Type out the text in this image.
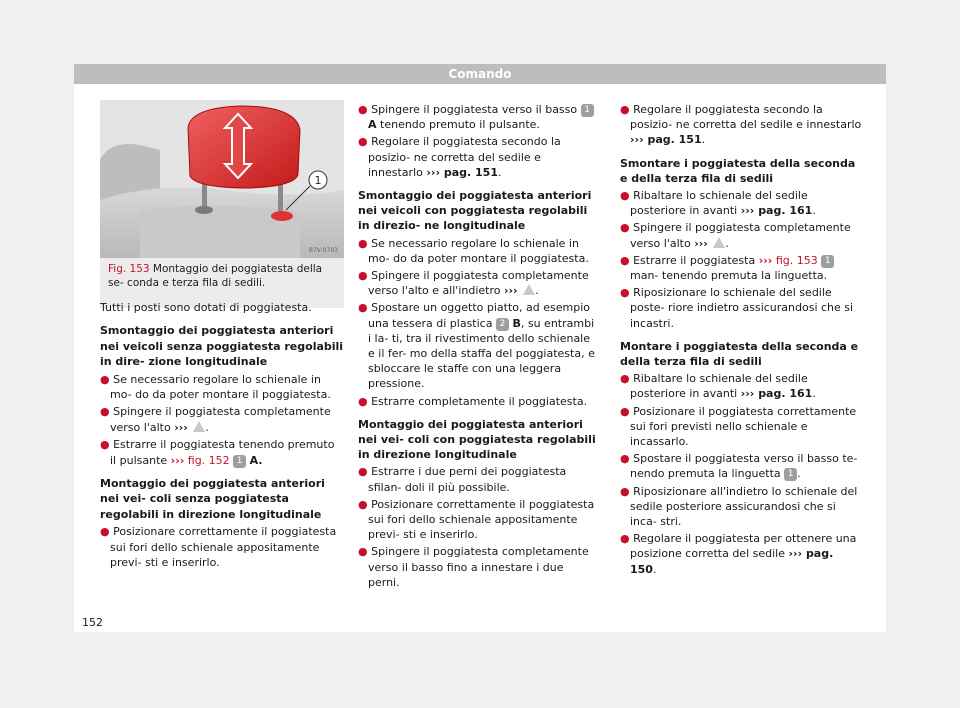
Comando
1
B7V-0703
Fig. 153 Montaggio dei poggiatesta della se- conda e terza fila di sedili.

Tutti i posti sono dotati di poggiatesta.

Smontaggio dei poggiatesta anteriori nei veicoli senza poggiatesta regolabili in dire- zione longitudinale
● Se necessario regolare lo schienale in mo- do da poter montare il poggiatesta.
● Spingere il poggiatesta completamente verso l'alto ››› .
● Estrarre il poggiatesta tenendo premuto il pulsante ››› fig. 152 1 A.
Montaggio dei poggiatesta anteriori nei vei- coli senza poggiatesta regolabili in direzione longitudinale
● Posizionare correttamente il poggiatesta sui fori dello schienale appositamente previ- sti e inserirlo.
● Spingere il poggiatesta verso il basso 1 A tenendo premuto il pulsante.
● Regolare il poggiatesta secondo la posizio- ne corretta del sedile e innestarlo ››› pag. 151.
Smontaggio dei poggiatesta anteriori nei veicoli con poggiatesta regolabili in direzio- ne longitudinale
● Se necessario regolare lo schienale in mo- do da poter montare il poggiatesta.
● Spingere il poggiatesta completamente verso l'alto e all'indietro ››› .
● Spostare un oggetto piatto, ad esempio una tessera di plastica 2 B, su entrambi i la- ti, tra il rivestimento dello schienale e il fer- mo della staffa del poggiatesta, e sbloccare le staffe con una leggera pressione.
● Estrarre completamente il poggiatesta.
Montaggio dei poggiatesta anteriori nei vei- coli con poggiatesta regolabili in direzione longitudinale
● Estrarre i due perni dei poggiatesta sfilan- doli il più possibile.
● Posizionare correttamente il poggiatesta sui fori dello schienale appositamente previ- sti e inserirlo.
● Spingere il poggiatesta completamente verso il basso fino a innestare i due perni.
● Regolare il poggiatesta secondo la posizio- ne corretta del sedile e innestarlo ››› pag. 151.
Smontare i poggiatesta della seconda e della terza fila di sedili
● Ribaltare lo schienale del sedile posteriore in avanti ››› pag. 161.
● Spingere il poggiatesta completamente verso l'alto ››› .
● Estrarre il poggiatesta ››› fig. 153 1 man- tenendo premuta la linguetta.
● Riposizionare lo schienale del sedile poste- riore indietro assicurandosi che si incastri.
Montare i poggiatesta della seconda e della terza fila di sedili
● Ribaltare lo schienale del sedile posteriore in avanti ››› pag. 161.
● Posizionare il poggiatesta correttamente sui fori previsti nello schienale e incassarlo.
● Spostare il poggiatesta verso il basso te- nendo premuta la linguetta 1 .
● Riposizionare all'indietro lo schienale del sedile posteriore assicurandosi che si inca- stri.
● Regolare il poggiatesta per ottenere una posizione corretta del sedile ››› pag. 150.
152
